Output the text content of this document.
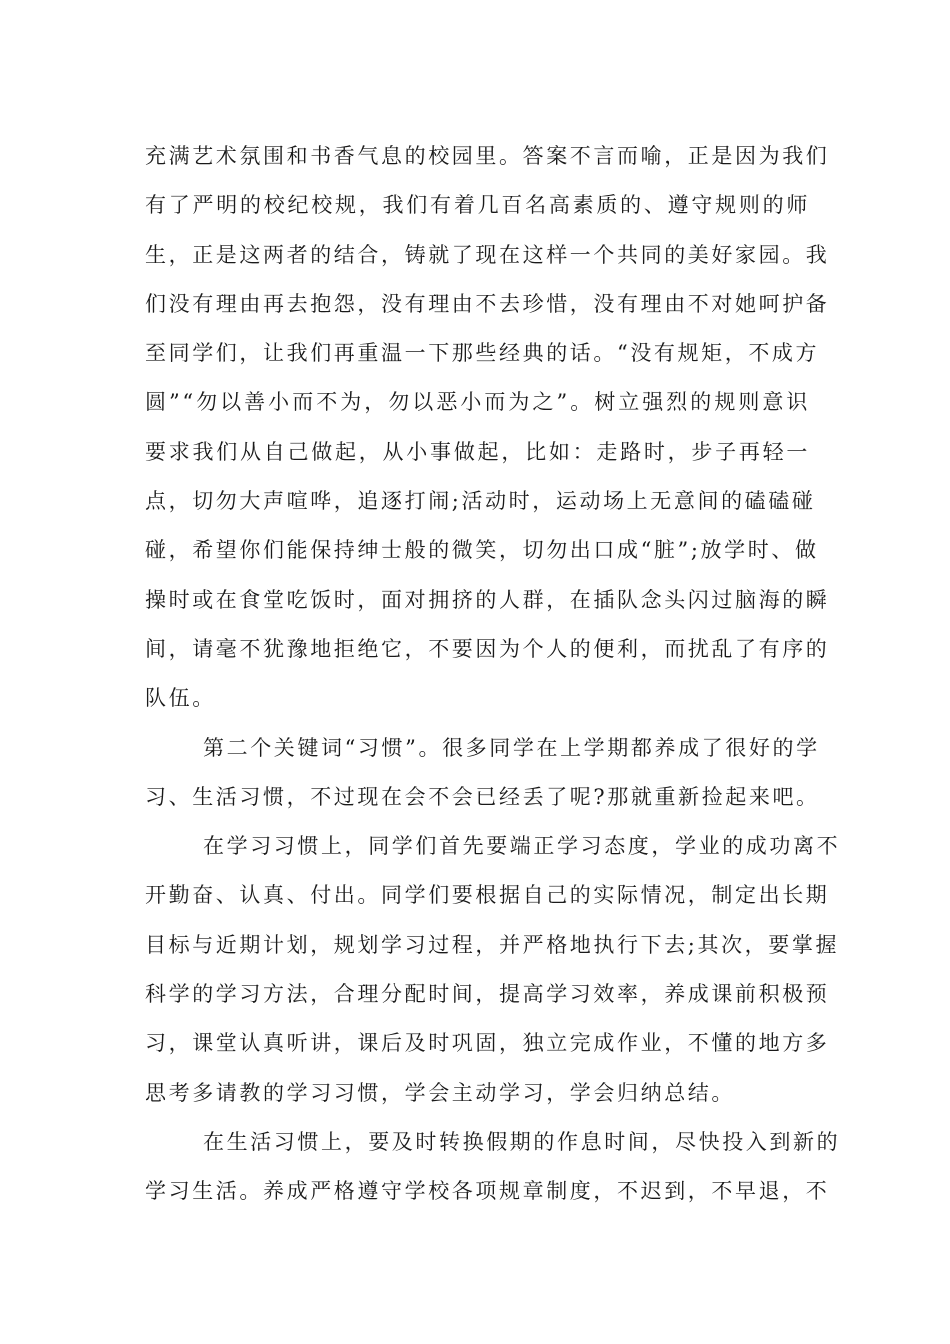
充满艺术氛围和书香气息的校园里。答案不言而喻，正是因为我们
有了严明的校纪校规，我们有着几百名高素质的、遵守规则的师
生，正是这两者的结合，铸就了现在这样一个共同的美好家园。我
们没有理由再去抱怨，没有理由不去珍惜，没有理由不对她呵护备
至同学们，让我们再重温一下那些经典的话。“没有规矩，不成方
圆”“勿以善小而不为，勿以恶小而为之”。树立强烈的规则意识
要求我们从自己做起，从小事做起，比如：走路时，步子再轻一
点，切勿大声喧哗，追逐打闹;活动时，运动场上无意间的磕磕碰
碰，希望你们能保持绅士般的微笑，切勿出口成“脏”;放学时、做
操时或在食堂吃饭时，面对拥挤的人群，在插队念头闪过脑海的瞬
间，请毫不犹豫地拒绝它，不要因为个人的便利，而扰乱了有序的
队伍。
第二个关键词“习惯”。很多同学在上学期都养成了很好的学
习、生活习惯，不过现在会不会已经丢了呢?那就重新捡起来吧。
在学习习惯上，同学们首先要端正学习态度，学业的成功离不
开勤奋、认真、付出。同学们要根据自己的实际情况，制定出长期
目标与近期计划，规划学习过程，并严格地执行下去;其次，要掌握
科学的学习方法，合理分配时间，提高学习效率，养成课前积极预
习，课堂认真听讲，课后及时巩固，独立完成作业，不懂的地方多
思考多请教的学习习惯，学会主动学习，学会归纳总结。
在生活习惯上，要及时转换假期的作息时间，尽快投入到新的
学习生活。养成严格遵守学校各项规章制度，不迟到，不早退，不
